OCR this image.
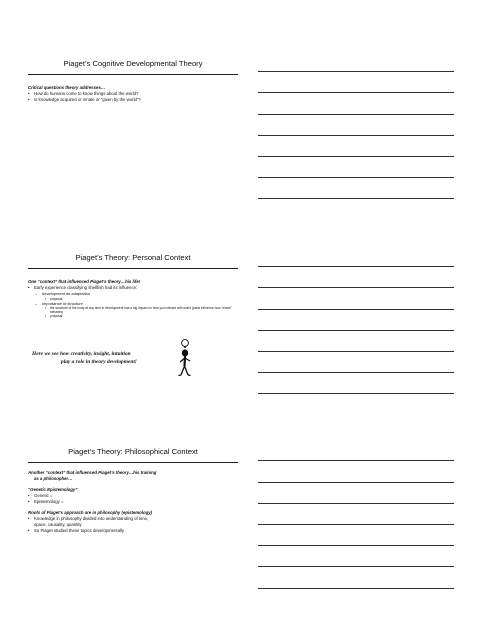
Piaget’s Cognitive Developmental Theory
Critical questions theory addresses…
• How do humans come to know things about the world?
• Is knowledge acquired or innate or “given by the world”?
Piaget’s Theory: Personal Context
One “context” that influenced Piaget’s theory…his life!
• Early experience classifying shellfish had its influence:
– development as adaptation
• proposal:
– importance of structure
• the structure of the body at any time in development has a big impact on how you interact with world (parts influence how “whole” behaves)
• proposal:
Here we see how creativity, insight, intuition
play a role in theory development!
Piaget’s Theory: Philosophical Context
Another “context” that influenced Piaget’s theory…his training
as a philosopher…
“Genetic Epistemology”
• Genetic =
• Epistemology =
Roots of Piaget’s approach are in philosophy (epistemology)
• Knowledge in philosophy divided into understanding of time,
space, causality, quantity
• So Piaget studied these topics developmentally
